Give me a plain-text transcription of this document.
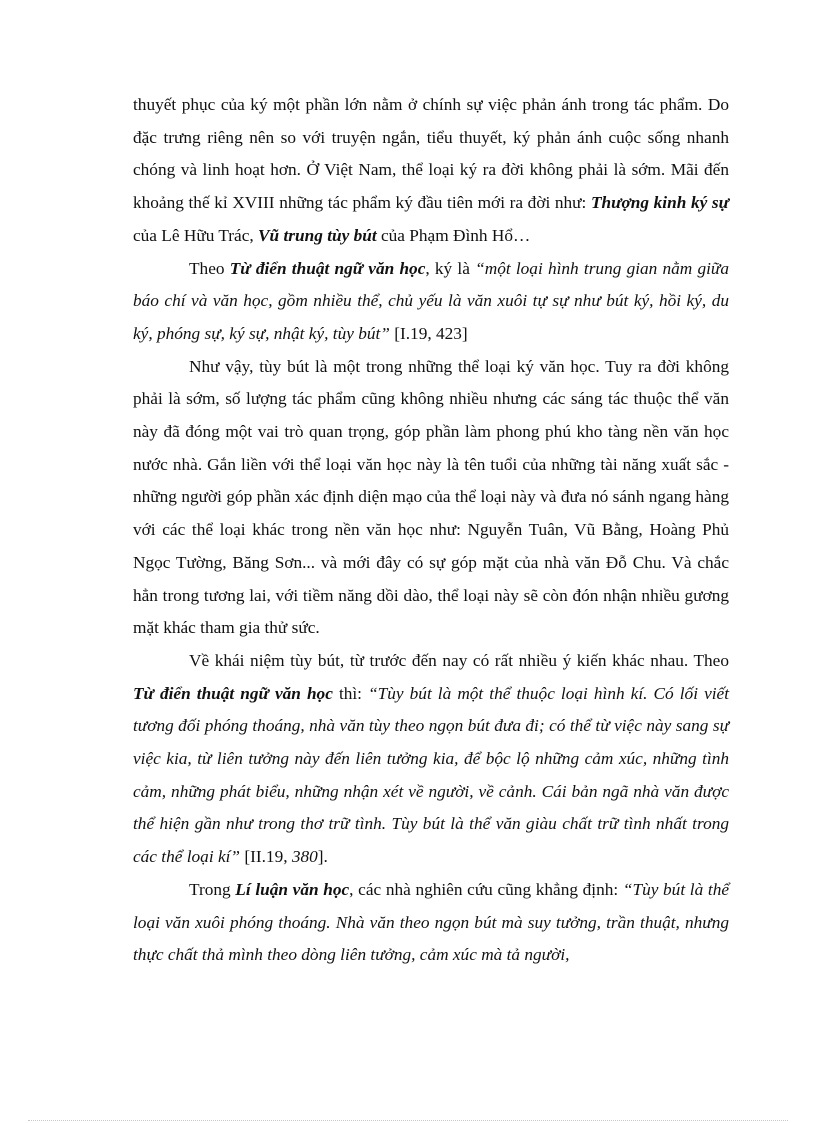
thuyết phục của ký một phần lớn nằm ở chính sự việc phản ánh trong tác phẩm. Do đặc trưng riêng nên so với truyện ngắn, tiểu thuyết, ký phản ánh cuộc sống nhanh chóng và linh hoạt hơn. Ở Việt Nam, thể loại ký ra đời không phải là sớm. Mãi đến khoảng thế kỉ XVIII những tác phẩm ký đầu tiên mới ra đời như: Thượng kinh ký sự của Lê Hữu Trác, Vũ trung tùy bút của Phạm Đình Hổ…

Theo Từ điển thuật ngữ văn học, ký là “một loại hình trung gian nằm giữa báo chí và văn học, gồm nhiều thể, chủ yếu là văn xuôi tự sự như bút ký, hồi ký, du ký, phóng sự, ký sự, nhật ký, tùy bút” [I.19, 423]

Như vậy, tùy bút là một trong những thể loại ký văn học. Tuy ra đời không phải là sớm, số lượng tác phẩm cũng không nhiều nhưng các sáng tác thuộc thể văn này đã đóng một vai trò quan trọng, góp phần làm phong phú kho tàng nền văn học nước nhà. Gắn liền với thể loại văn học này là tên tuổi của những tài năng xuất sắc - những người góp phần xác định diện mạo của thể loại này và đưa nó sánh ngang hàng với các thể loại khác trong nền văn học như: Nguyễn Tuân, Vũ Bằng, Hoàng Phủ Ngọc Tường, Băng Sơn... và mới đây có sự góp mặt của nhà văn Đỗ Chu. Và chắc hẳn trong tương lai, với tiềm năng dồi dào, thể loại này sẽ còn đón nhận nhiều gương mặt khác tham gia thử sức.

Về khái niệm tùy bút, từ trước đến nay có rất nhiều ý kiến khác nhau. Theo Từ điển thuật ngữ văn học thì: “Tùy bút là một thể thuộc loại hình kí. Có lối viết tương đối phóng thoáng, nhà văn tùy theo ngọn bút đưa đi; có thể từ việc này sang sự việc kia, từ liên tưởng này đến liên tưởng kia, để bộc lộ những cảm xúc, những tình cảm, những phát biểu, những nhận xét về người, về cảnh. Cái bản ngã nhà văn được thể hiện gần như trong thơ trữ tình. Tùy bút là thể văn giàu chất trữ tình nhất trong các thể loại kí” [II.19, 380].

Trong Lí luận văn học, các nhà nghiên cứu cũng khẳng định: “Tùy bút là thể loại văn xuôi phóng thoáng. Nhà văn theo ngọn bút mà suy tưởng, trần thuật, nhưng thực chất thả mình theo dòng liên tưởng, cảm xúc mà tả người,
